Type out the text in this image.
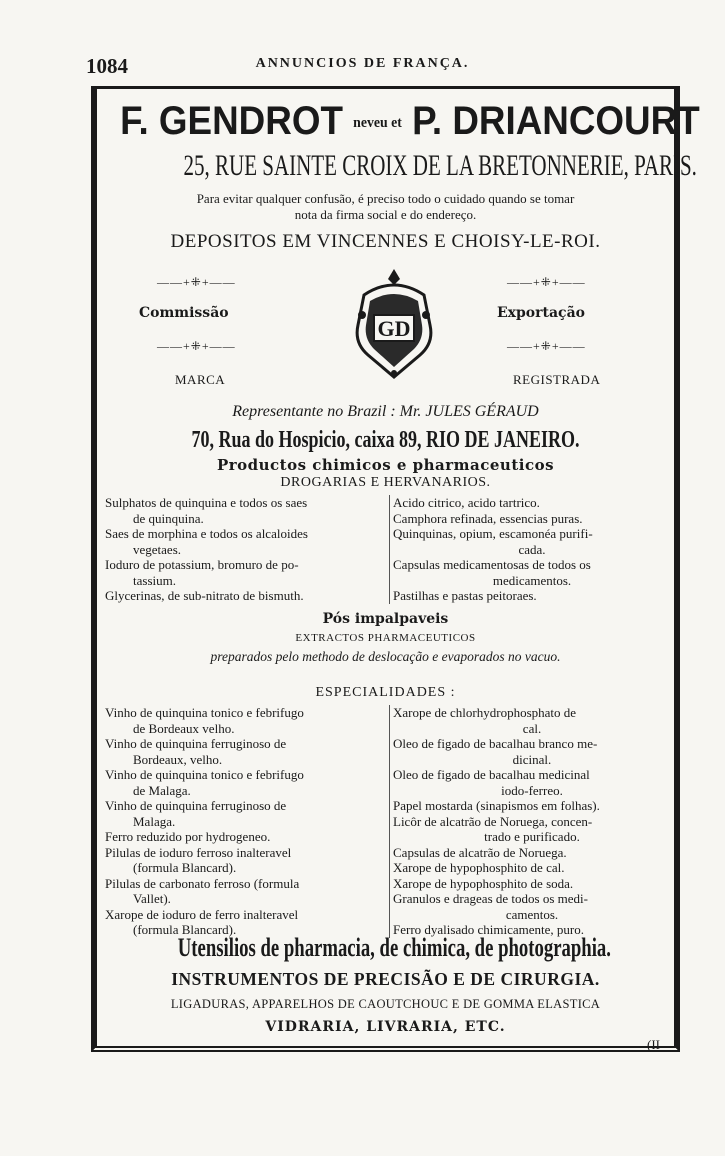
1084	ANNUNCIOS DE FRANÇA.
F. GENDROT neveu et P. DRIANCOURT
25, RUE SAINTE CROIX DE LA BRETONNERIE, PARIS.
Para evitar qualquer confusão, é preciso todo o cuidado quando se tomar
nota da firma social e do endereço.
DEPOSITOS EM VINCENNES E CHOISY-LE-ROI.
——+⁜+——	——+⁜+——
Commissão	Exportação
——+⁜+——	——+⁜+——
MARCA	REGISTRADA
GD
Representante no Brazil : Mr. JULES GÉRAUD
70, Rua do Hospicio, caixa 89, RIO DE JANEIRO.
Productos chimicos e pharmaceuticos
DROGARIAS E HERVANARIOS.
Sulphatos de quinquina e todos os saes
de quinquina.
Saes de morphina e todos os alcaloides
vegetaes.
Ioduro de potassium, bromuro de po-
tassium.
Glycerinas, de sub-nitrato de bismuth.
Acido citrico, acido tartrico.
Camphora refinada, essencias puras.
Quinquinas, opium, escamonéa purifi-
cada.
Capsulas medicamentosas de todos os
medicamentos.
Pastilhas e pastas peitoraes.
Pós impalpaveis
EXTRACTOS PHARMACEUTICOS
preparados pelo methodo de deslocação e evaporados no vacuo.
ESPECIALIDADES :
Vinho de quinquina tonico e febrifugo
de Bordeaux velho.
Vinho de quinquina ferruginoso de
Bordeaux, velho.
Vinho de quinquina tonico e febrifugo
de Malaga.
Vinho de quinquina ferruginoso de
Malaga.
Ferro reduzido por hydrogeneo.
Pilulas de ioduro ferroso inalteravel
(formula Blancard).
Pilulas de carbonato ferroso (formula
Vallet).
Xarope de ioduro de ferro inalteravel
(formula Blancard).
Xarope de chlorhydrophosphato de
cal.
Oleo de figado de bacalhau branco me-
dicinal.
Oleo de figado de bacalhau medicinal
iodo-ferreo.
Papel mostarda (sinapismos em folhas).
Licôr de alcatrão de Noruega, concen-
trado e purificado.
Capsulas de alcatrão de Noruega.
Xarope de hypophosphito de cal.
Xarope de hypophosphito de soda.
Granulos e drageas de todos os medi-
camentos.
Ferro dyalisado chimicamente, puro.
Utensilios de pharmacia, de chimica, de photographia.
INSTRUMENTOS DE PRECISÃO E DE CIRURGIA.
LIGADURAS, APPARELHOS DE CAOUTCHOUC E DE GOMMA ELASTICA
VIDRARIA, LIVRARIA, ETC.
(II
